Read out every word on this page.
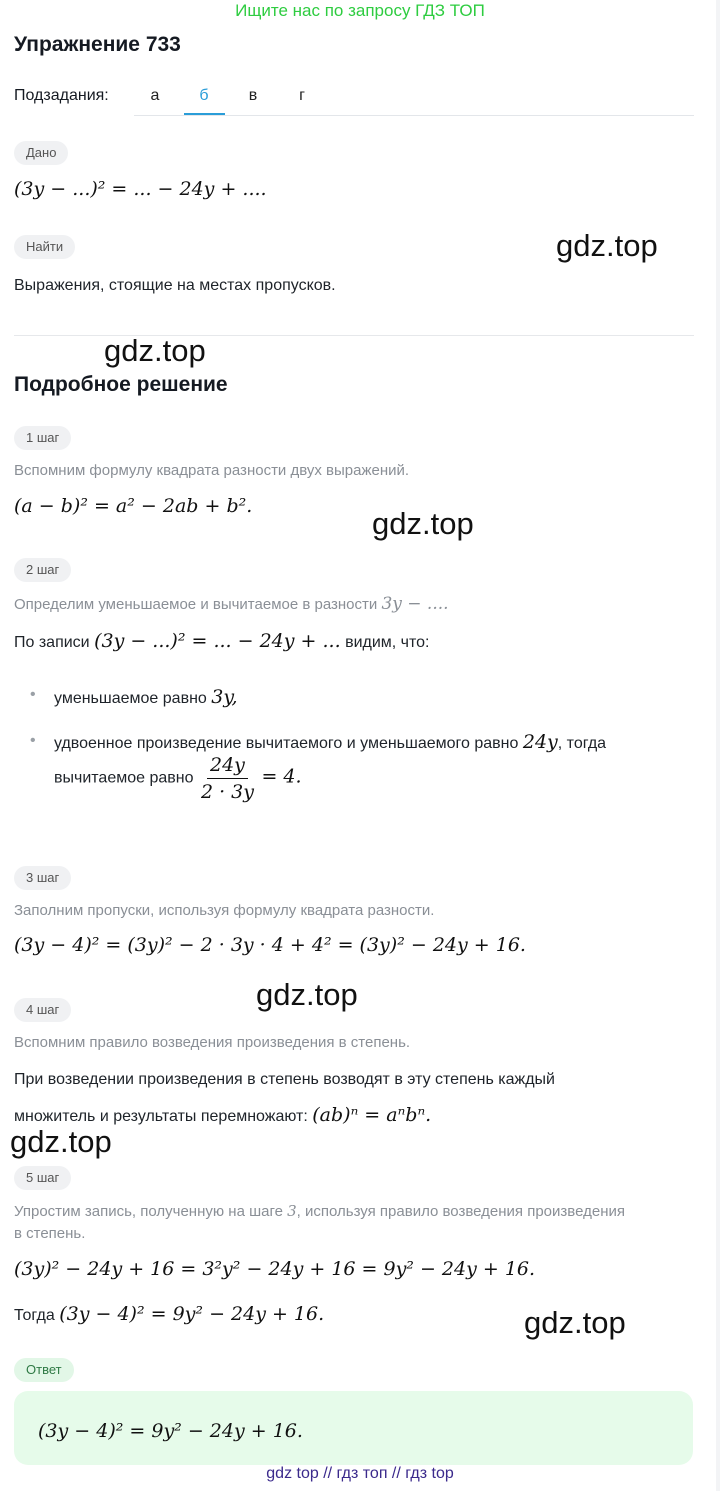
Ищите нас по запросу ГДЗ ТОП
Упражнение 733
Подзадания:	а	б	в	г
Дано
(3y − ...)² = ... − 24y + ....
Найти
Выражения, стоящие на местах пропусков.
Подробное решение
1 шаг
Вспомним формулу квадрата разности двух выражений.
(a − b)² = a² − 2ab + b².
2 шаг
Определим уменьшаемое и вычитаемое в разности 3y − ....
По записи (3y − ...)² = ... − 24y + ... видим, что:
• уменьшаемое равно 3y,
• удвоенное произведение вычитаемого и уменьшаемого равно 24y, тогда
вычитаемое равно $\frac{24y}{2 \cdot 3y} = 4$.
3 шаг
Заполним пропуски, используя формулу квадрата разности.
(3y − 4)² = (3y)² − 2 · 3y · 4 + 4² = (3y)² − 24y + 16.
4 шаг
Вспомним правило возведения произведения в степень.
При возведении произведения в степень возводят в эту степень каждый
множитель и результаты перемножают: (ab)ⁿ = aⁿbⁿ.
5 шаг
Упростим запись, полученную на шаге 3, используя правило возведения произведения
в степень.
(3y)² − 24y + 16 = 3²y² − 24y + 16 = 9y² − 24y + 16.
Тогда (3y − 4)² = 9y² − 24y + 16.
Ответ
(3y − 4)² = 9y² − 24y + 16.
gdz.top
gdz.top
gdz.top
gdz.top
gdz.top
gdz.top
gdz top // гдз топ // гдз top
